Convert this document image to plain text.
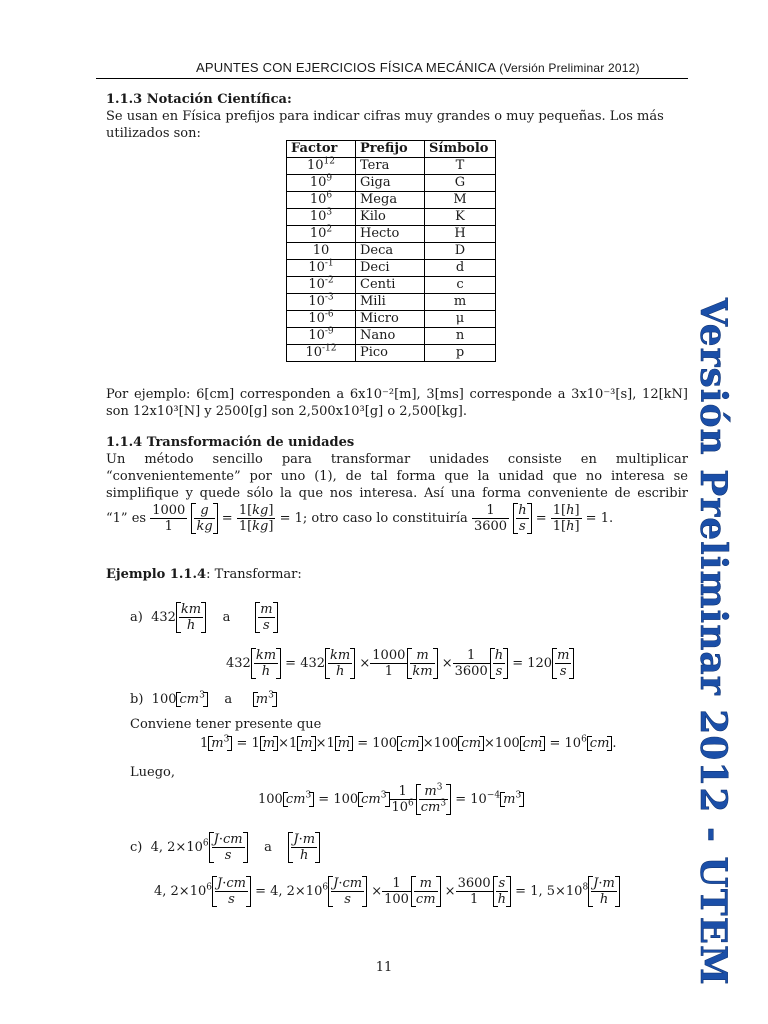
APUNTES CON EJERCICIOS FÍSICA MECÁNICA (Versión Preliminar 2012)
1.1.3 Notación Científica:
Se usan en Física prefijos para indicar cifras muy grandes o muy pequeñas. Los más utilizados son:
Factor	Prefijo	Símbolo
$10^{12}$	Tera	T
$10^9$	Giga	G
$10^6$	Mega	M
$10^3$	Kilo	K
$10^2$	Hecto	H
10	Deca	D
$10^{-1}$	Deci	d
$10^{-2}$	Centi	c
$10^{-3}$	Mili	m
$10^{-6}$	Micro	μ
$10^{-9}$	Nano	n
$10^{-12}$	Pico	p
Por ejemplo: 6[cm] corresponden a 6x10⁻²[m], 3[ms] corresponde a 3x10⁻³[s], 12[kN]
son 12x10³[N] y 2500[g] son 2,500x10³[g] o 2,500[kg].
1.1.4 Transformación de unidades
Un método sencillo para transformar unidades consiste en multiplicar
“convenientemente” por uno (1), de tal forma que la unidad que no interesa se
simplifique y quede sólo la que nos interesa. Así una forma conveniente de escribir
“1” es $\frac{1000}{1}$
$\frac{g}{kg} = \frac{1[kg]}{1[kg]} = 1$; otro caso lo constituiría $\frac{1}{3600}$
$\frac{h}{s} = \frac{1[h]}{1[h]} = 1$.
Ejemplo 1.1.4: Transformar:
a)  $432 \frac{km}{h}$ a $\frac{m}{s}$
$432 \frac{km}{h} = 432 \frac{km}{h} \times \frac{1000}{1} \frac{m}{km} \times \frac{1}{3600} \frac{h}{s} = 120 \frac{m}{s}$
b)  100 $cm^3$    a     $m^3$
Conviene tener presente que
1 $m^3 = 1$ m ×1 m ×1 m = 100 cm ×100 cm ×100 cm = $10^6$ cm .
Luego,
100 $cm^3 = 100$ $cm^3 \frac{1}{10^6} \frac{m^3}{cm^3} = 10^{-4}$ $m^3$
c)  4, $2\times 10^6 \frac{J\cdot cm}{s}$ a $\frac{J\cdot m}{h}$
4, $2\times 10^6 \frac{J\cdot cm}{s} = 4$, $2\times 10^6 \frac{J\cdot cm}{s} \times \frac{1}{100} \frac{m}{cm} \times \frac{3600}{1} \frac{s}{h} = 1$, $5\times 10^8 \frac{J\cdot m}{h}$ Versión Preliminar 2012 - UTEM
11
